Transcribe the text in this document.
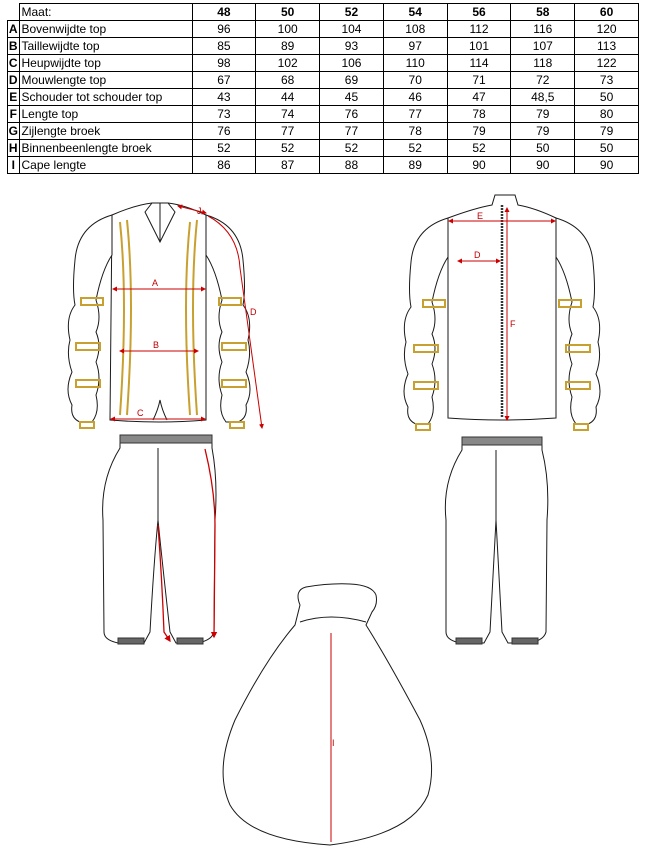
	Maat:	48	50	52	54	56	58	60
A	Bovenwijdte top	96	100	104	108	112	116	120
B	Taillewijdte top	85	89	93	97	101	107	113
C	Heupwijdte top	98	102	106	110	114	118	122
D	Mouwlengte top	67	68	69	70	71	72	73
E	Schouder tot schouder top	43	44	45	46	47	48,5	50
F	Lengte top	73	74	76	77	78	79	80
G	Zijlengte broek	76	77	77	78	79	79	79
H	Binnenbeenlengte broek	52	52	52	52	52	50	50
I	Cape lengte	86	87	88	89	90	90	90
A
B
C
J
D
E
D
F
I
